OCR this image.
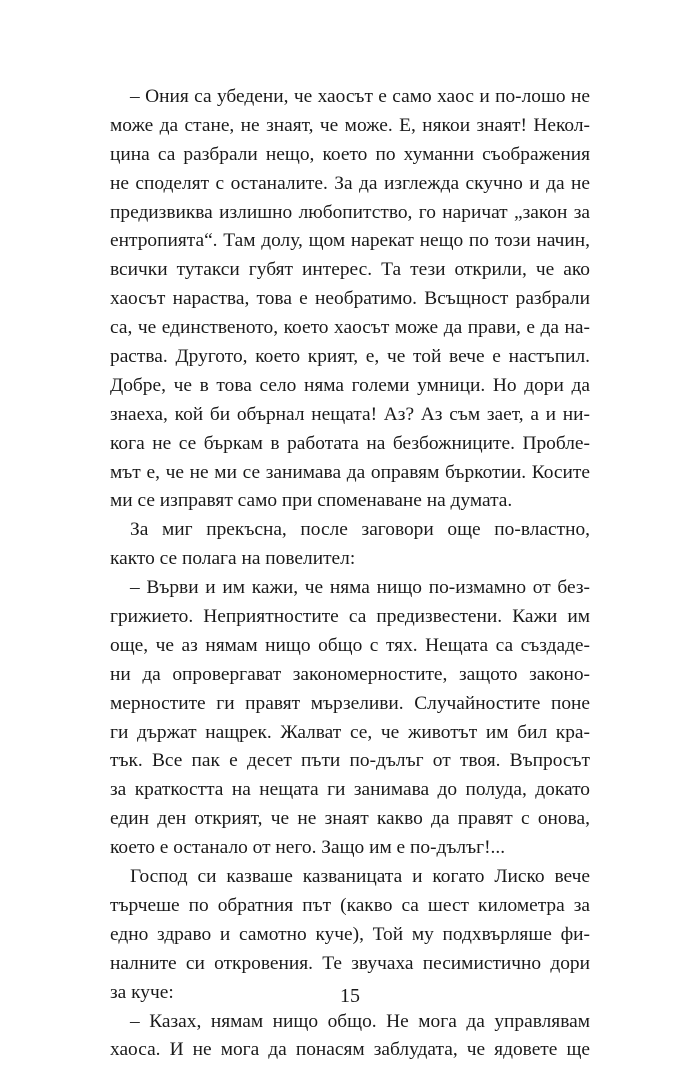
– Ония са убедени, че хаосът е само хаос и по-лошо не
може да стане, не знаят, че може. Е, някои знаят! Некол-
цина са разбрали нещо, което по хуманни съображения
не споделят с останалите. За да изглежда скучно и да не
предизвиква излишно любопитство, го наричат „закон за
ентропията“. Там долу, щом нарекат нещо по този начин,
всички тутакси губят интерес. Та тези открили, че ако
хаосът нараства, това е необратимо. Всъщност разбрали
са, че единственото, което хаосът може да прави, е да на-
раства. Другото, което крият, е, че той вече е настъпил.
Добре, че в това село няма големи умници. Но дори да
знаеха, кой би обърнал нещата! Аз? Аз съм зает, а и ни-
кога не се бъркам в работата на безбожниците. Пробле-
мът е, че не ми се занимава да оправям бъркотии. Косите
ми се изправят само при споменаване на думата.
За миг прекъсна, после заговори още по-властно,
както се полага на повелител:
– Върви и им кажи, че няма нищо по-измамно от без-
грижието. Неприятностите са предизвестени. Кажи им
още, че аз нямам нищо общо с тях. Нещата са създаде-
ни да опровергават закономерностите, защото законо-
мерностите ги правят мързеливи. Случайностите поне
ги държат нащрек. Жалват се, че животът им бил кра-
тък. Все пак е десет пъти по-дълъг от твоя. Въпросът
за краткостта на нещата ги занимава до полуда, докато
един ден открият, че не знаят какво да правят с онова,
което е останало от него. Защо им е по-дълъг!...
Господ си казваше казваницата и когато Лиско вече
търчеше по обратния път (какво са шест километра за
едно здраво и самотно куче), Той му подхвърляше фи-
налните си откровения. Те звучаха песимистично дори
за куче:
– Казах, нямам нищо общо. Не мога да управлявам
хаоса. И не мога да понасям заблудата, че ядовете ще
15
